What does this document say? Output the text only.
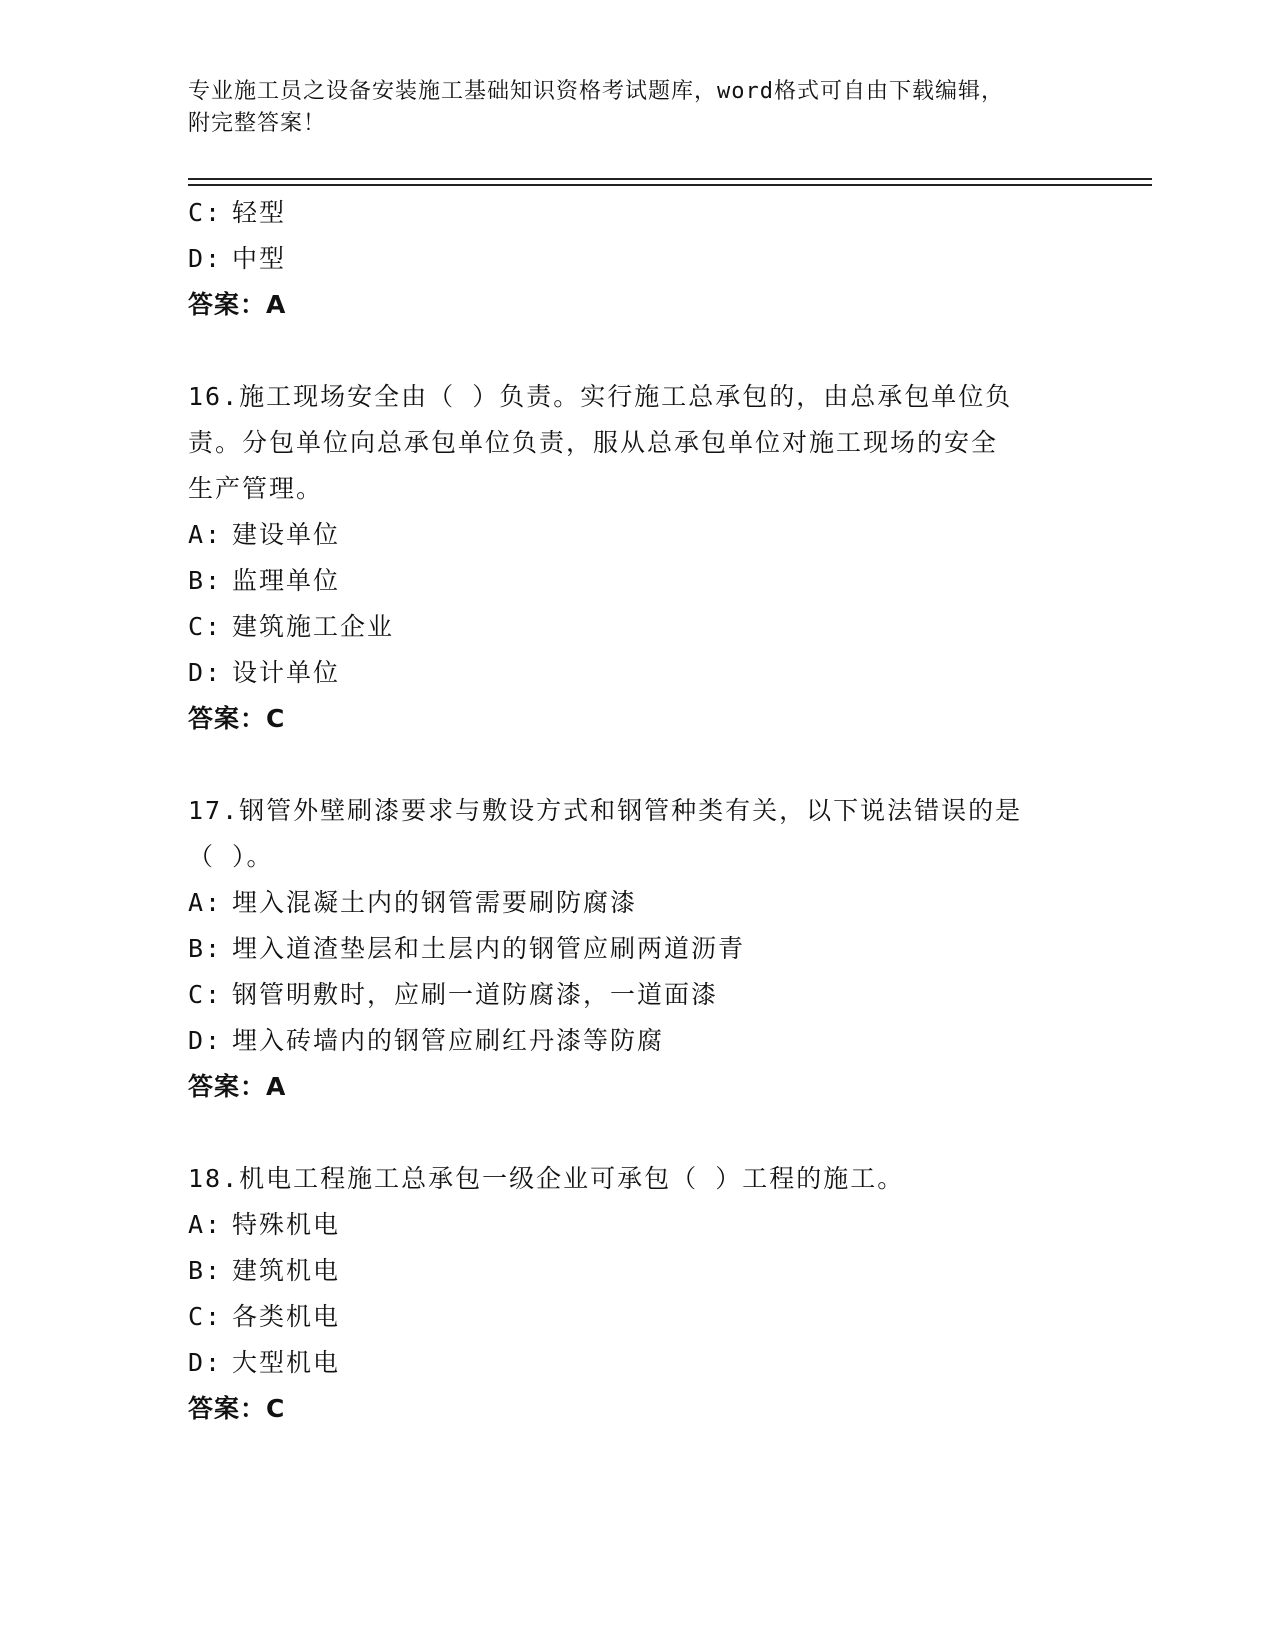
专业施工员之设备安装施工基础知识资格考试题库，word格式可自由下载编辑，
附完整答案！
C: 轻型
D: 中型
答案：A
16.施工现场安全由（ ）负责。实行施工总承包的，由总承包单位负
责。分包单位向总承包单位负责，服从总承包单位对施工现场的安全
生产管理。
A: 建设单位
B: 监理单位
C: 建筑施工企业
D: 设计单位
答案：C
17.钢管外壁刷漆要求与敷设方式和钢管种类有关，以下说法错误的是
（ ）。
A: 埋入混凝土内的钢管需要刷防腐漆
B: 埋入道渣垫层和土层内的钢管应刷两道沥青
C: 钢管明敷时，应刷一道防腐漆，一道面漆
D: 埋入砖墙内的钢管应刷红丹漆等防腐
答案：A
18.机电工程施工总承包一级企业可承包（ ）工程的施工。
A: 特殊机电
B: 建筑机电
C: 各类机电
D: 大型机电
答案：C
